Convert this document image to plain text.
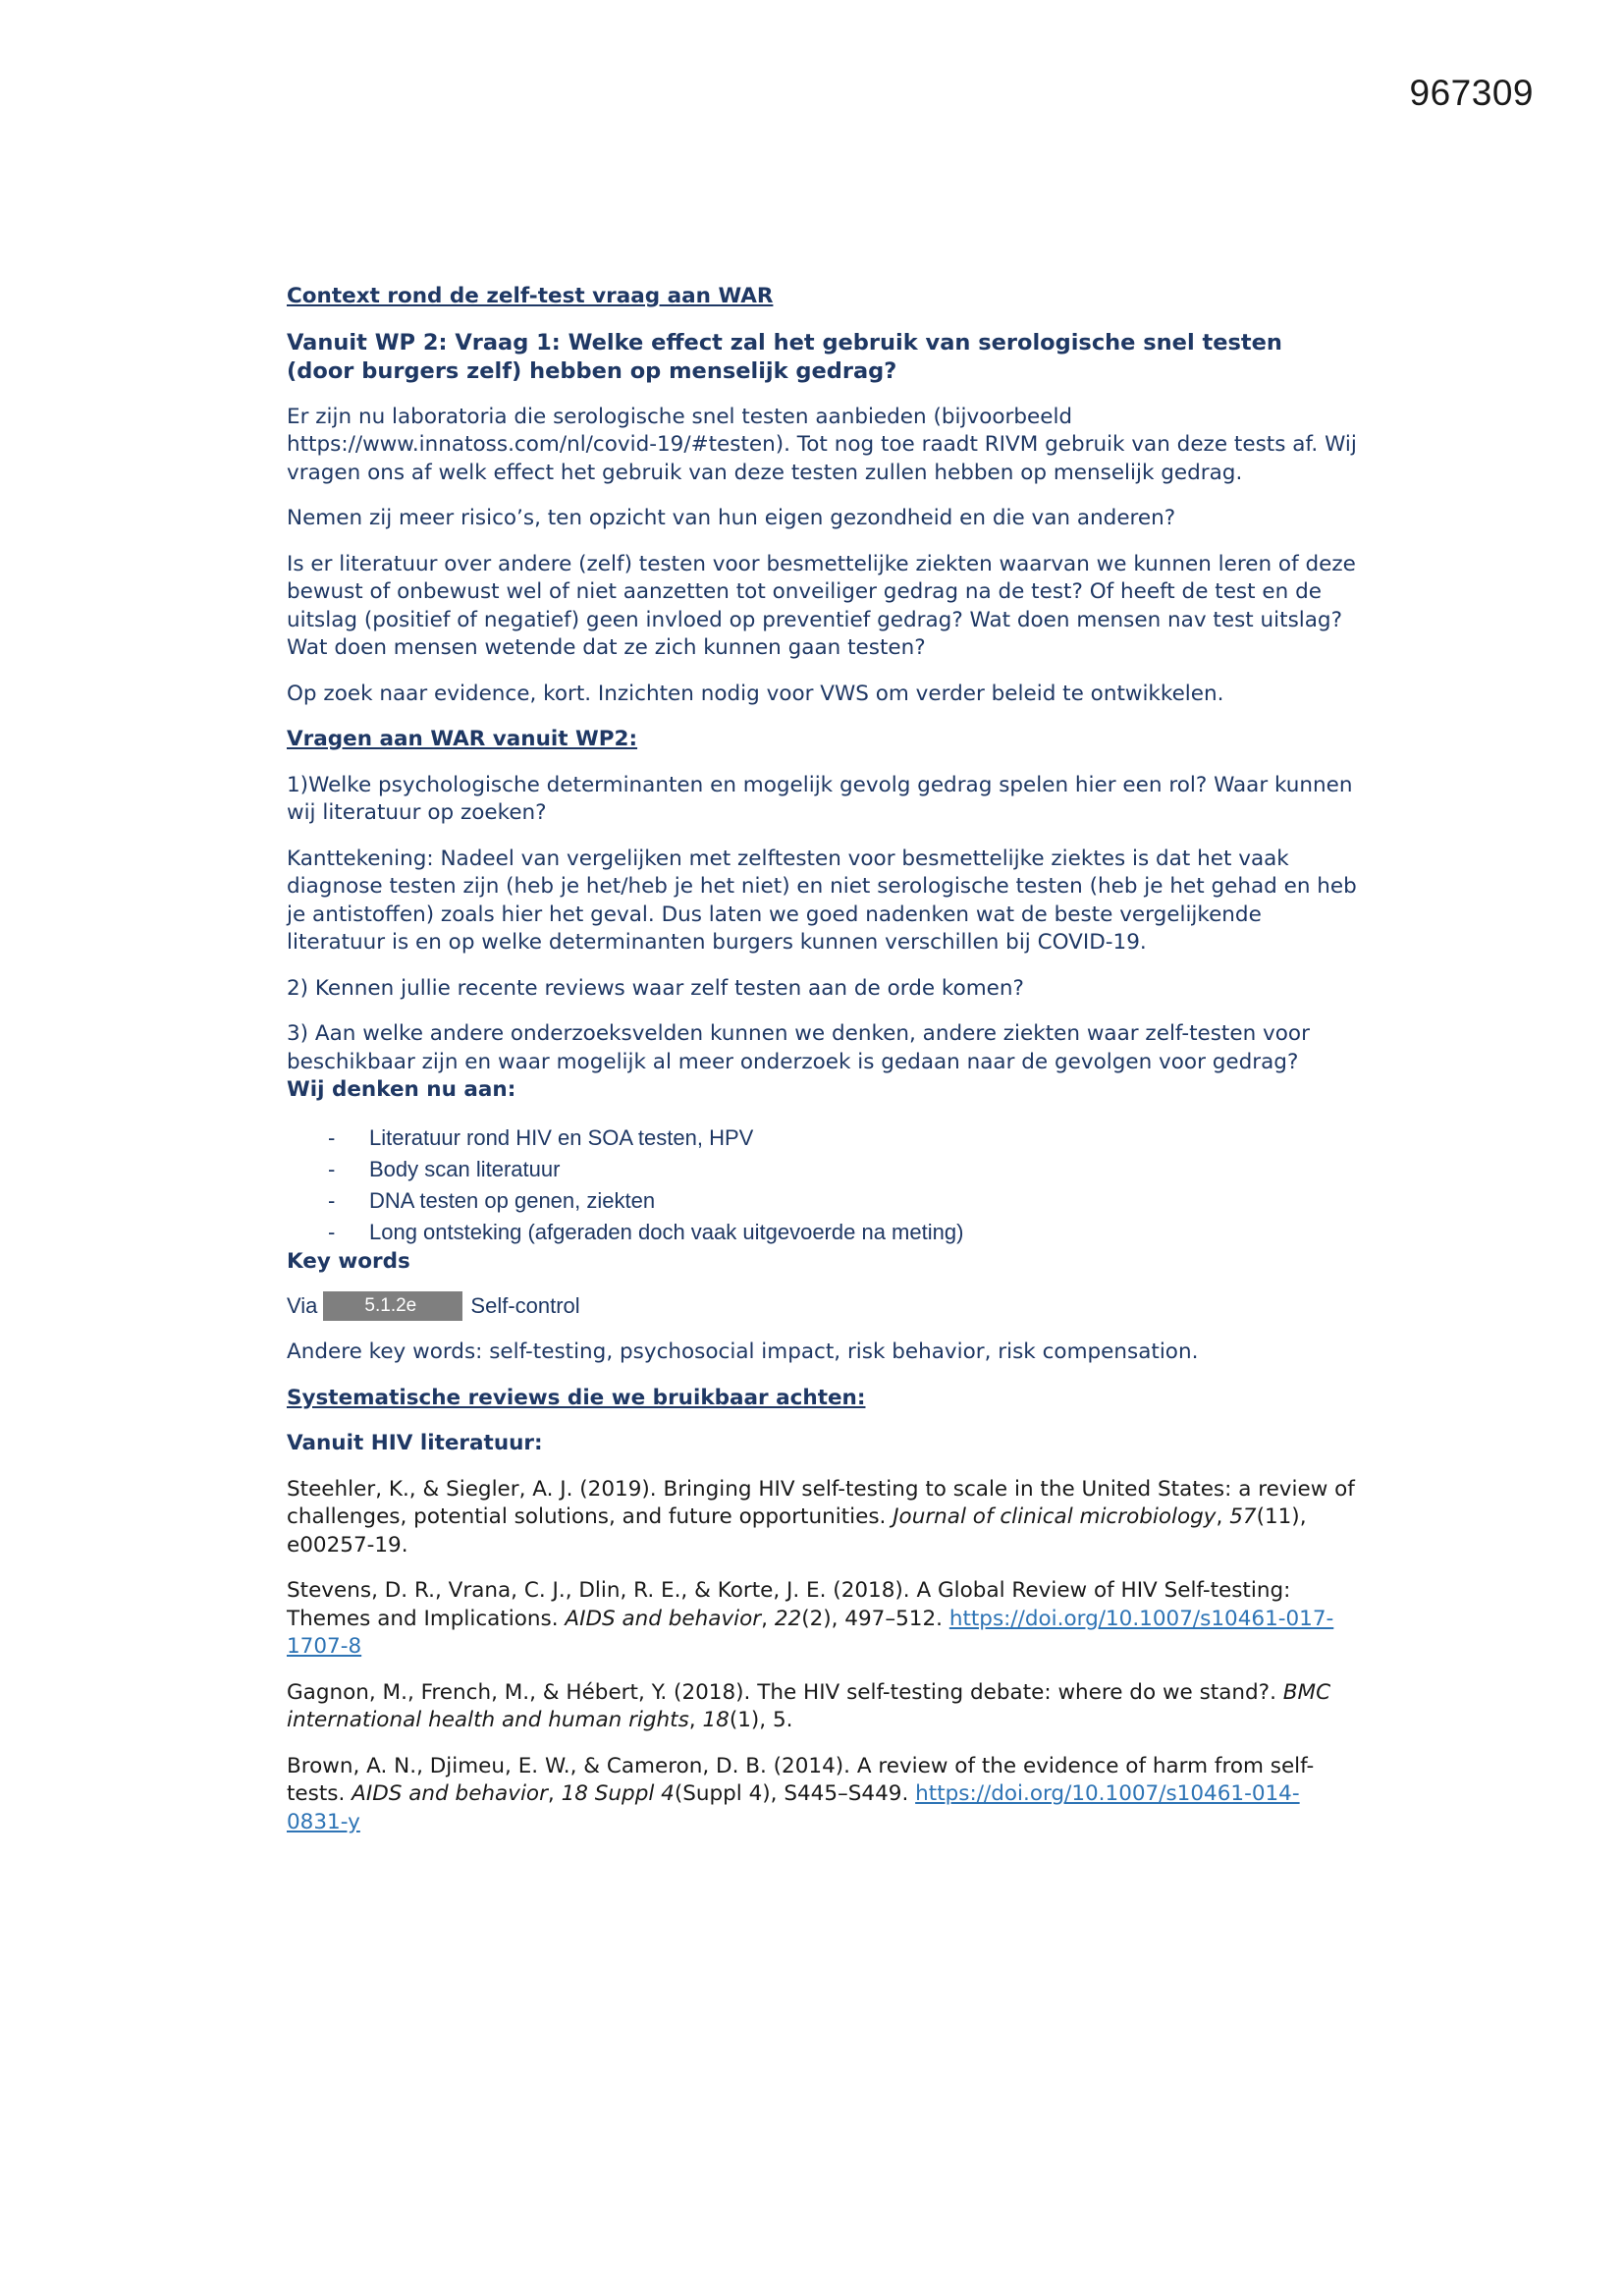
967309

Context rond de zelf-test vraag aan WAR

Vanuit WP 2: Vraag 1: Welke effect zal het gebruik van serologische snel testen (door burgers zelf) hebben op menselijk gedrag?

Er zijn nu laboratoria die serologische snel testen aanbieden (bijvoorbeeld https://www.innatoss.com/nl/covid-19/#testen). Tot nog toe raadt RIVM gebruik van deze tests af. Wij vragen ons af welk effect het gebruik van deze testen zullen hebben op menselijk gedrag.

Nemen zij meer risico’s, ten opzicht van hun eigen gezondheid en die van anderen?

Is er literatuur over andere (zelf) testen voor besmettelijke ziekten waarvan we kunnen leren of deze bewust of onbewust wel of niet aanzetten tot onveiliger gedrag na de test? Of heeft de test en de uitslag (positief of negatief) geen invloed op preventief gedrag? Wat doen mensen nav test uitslag? Wat doen mensen wetende dat ze zich kunnen gaan testen?

Op zoek naar evidence, kort. Inzichten nodig voor VWS om verder beleid te ontwikkelen.

Vragen aan WAR vanuit WP2:

1)Welke psychologische determinanten en mogelijk gevolg gedrag spelen hier een rol? Waar kunnen wij literatuur op zoeken?

Kanttekening: Nadeel van vergelijken met zelftesten voor besmettelijke ziektes is dat het vaak diagnose testen zijn (heb je het/heb je het niet) en niet serologische testen (heb je het gehad en heb je antistoffen) zoals hier het geval. Dus laten we goed nadenken wat de beste vergelijkende literatuur is en op welke determinanten burgers kunnen verschillen bij COVID-19.

2) Kennen jullie recente reviews waar zelf testen aan de orde komen?

3) Aan welke andere onderzoeksvelden kunnen we denken, andere ziekten waar zelf-testen voor beschikbaar zijn en waar mogelijk al meer onderzoek is gedaan naar de gevolgen voor gedrag?

Wij denken nu aan:

- Literatuur rond HIV en SOA testen, HPV
- Body scan literatuur
- DNA testen op genen, ziekten
- Long ontsteking (afgeraden doch vaak uitgevoerde na meting)

Key words

Via	5.1.2e	Self-control

Andere key words: self-testing, psychosocial impact, risk behavior, risk compensation.

Systematische reviews die we bruikbaar achten:

Vanuit HIV literatuur:

Steehler, K., & Siegler, A. J. (2019). Bringing HIV self-testing to scale in the United States: a review of challenges, potential solutions, and future opportunities. Journal of clinical microbiology, 57(11), e00257-19.

Stevens, D. R., Vrana, C. J., Dlin, R. E., & Korte, J. E. (2018). A Global Review of HIV Self-testing: Themes and Implications. AIDS and behavior, 22(2), 497–512. https://doi.org/10.1007/s10461-017-1707-8

Gagnon, M., French, M., & Hébert, Y. (2018). The HIV self-testing debate: where do we stand?. BMC international health and human rights, 18(1), 5.

Brown, A. N., Djimeu, E. W., & Cameron, D. B. (2014). A review of the evidence of harm from self-tests. AIDS and behavior, 18 Suppl 4(Suppl 4), S445–S449. https://doi.org/10.1007/s10461-014-0831-y
